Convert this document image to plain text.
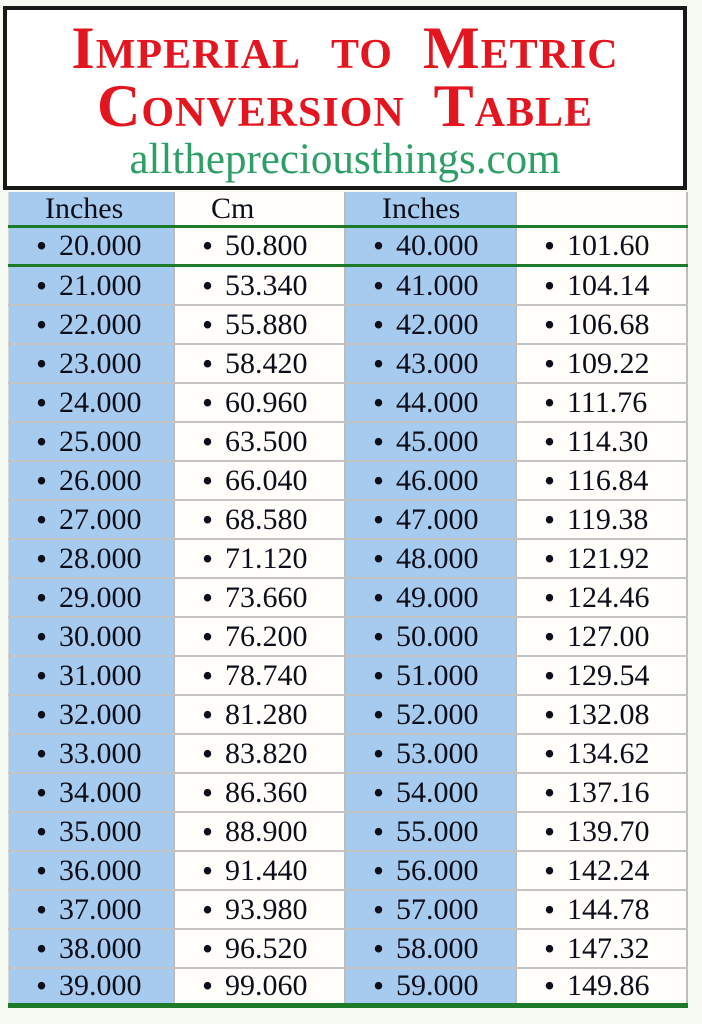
Imperial to Metric
Conversion Table
allthepreciousthings.com
Inches	Cm	Inches
• 20.000 • 50.800 • 40.000 • 101.60
• 21.000 • 53.340 • 41.000 • 104.14
• 22.000 • 55.880 • 42.000 • 106.68
• 23.000 • 58.420 • 43.000 • 109.22
• 24.000 • 60.960 • 44.000 • 111.76
• 25.000 • 63.500 • 45.000 • 114.30
• 26.000 • 66.040 • 46.000 • 116.84
• 27.000 • 68.580 • 47.000 • 119.38
• 28.000 • 71.120 • 48.000 • 121.92
• 29.000 • 73.660 • 49.000 • 124.46
• 30.000 • 76.200 • 50.000 • 127.00
• 31.000 • 78.740 • 51.000 • 129.54
• 32.000 • 81.280 • 52.000 • 132.08
• 33.000 • 83.820 • 53.000 • 134.62
• 34.000 • 86.360 • 54.000 • 137.16
• 35.000 • 88.900 • 55.000 • 139.70
• 36.000 • 91.440 • 56.000 • 142.24
• 37.000 • 93.980 • 57.000 • 144.78
• 38.000 • 96.520 • 58.000 • 147.32
• 39.000 • 99.060 • 59.000 • 149.86
